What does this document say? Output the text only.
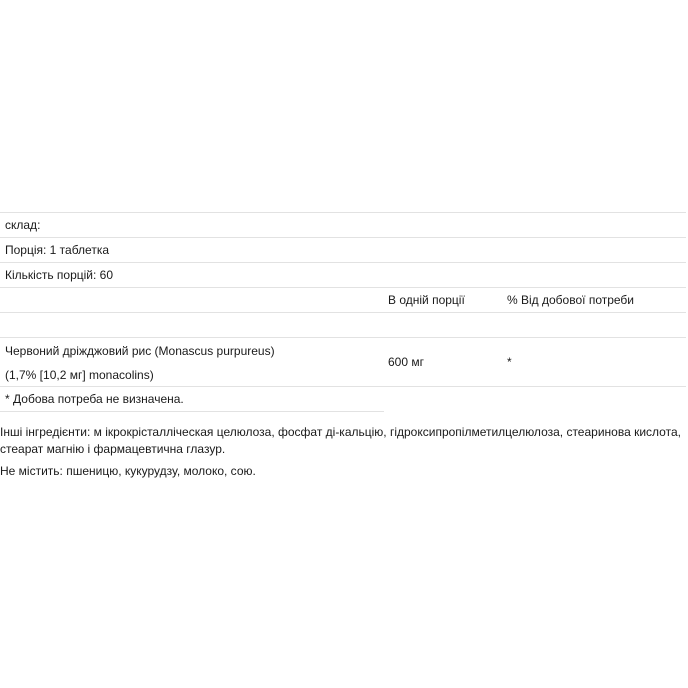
склад:
Порція: 1 таблетка
Кількість порцій: 60
В одній порції	% Від добової потреби
Червоний дріжджовий рис (Monascus purpureus)
(1,7% [10,2 мг] monacolins)
600 мг	*
* Добова потреба не визначена.

Інші інгредієнти: м ікрокрісталліческая целюлоза, фосфат ді-кальцію, гідроксипропілметилцелюлоза, стеаринова кислота, стеарат магнію і фармацевтична глазур.

Не містить: пшеницю, кукурудзу, молоко, сою.
